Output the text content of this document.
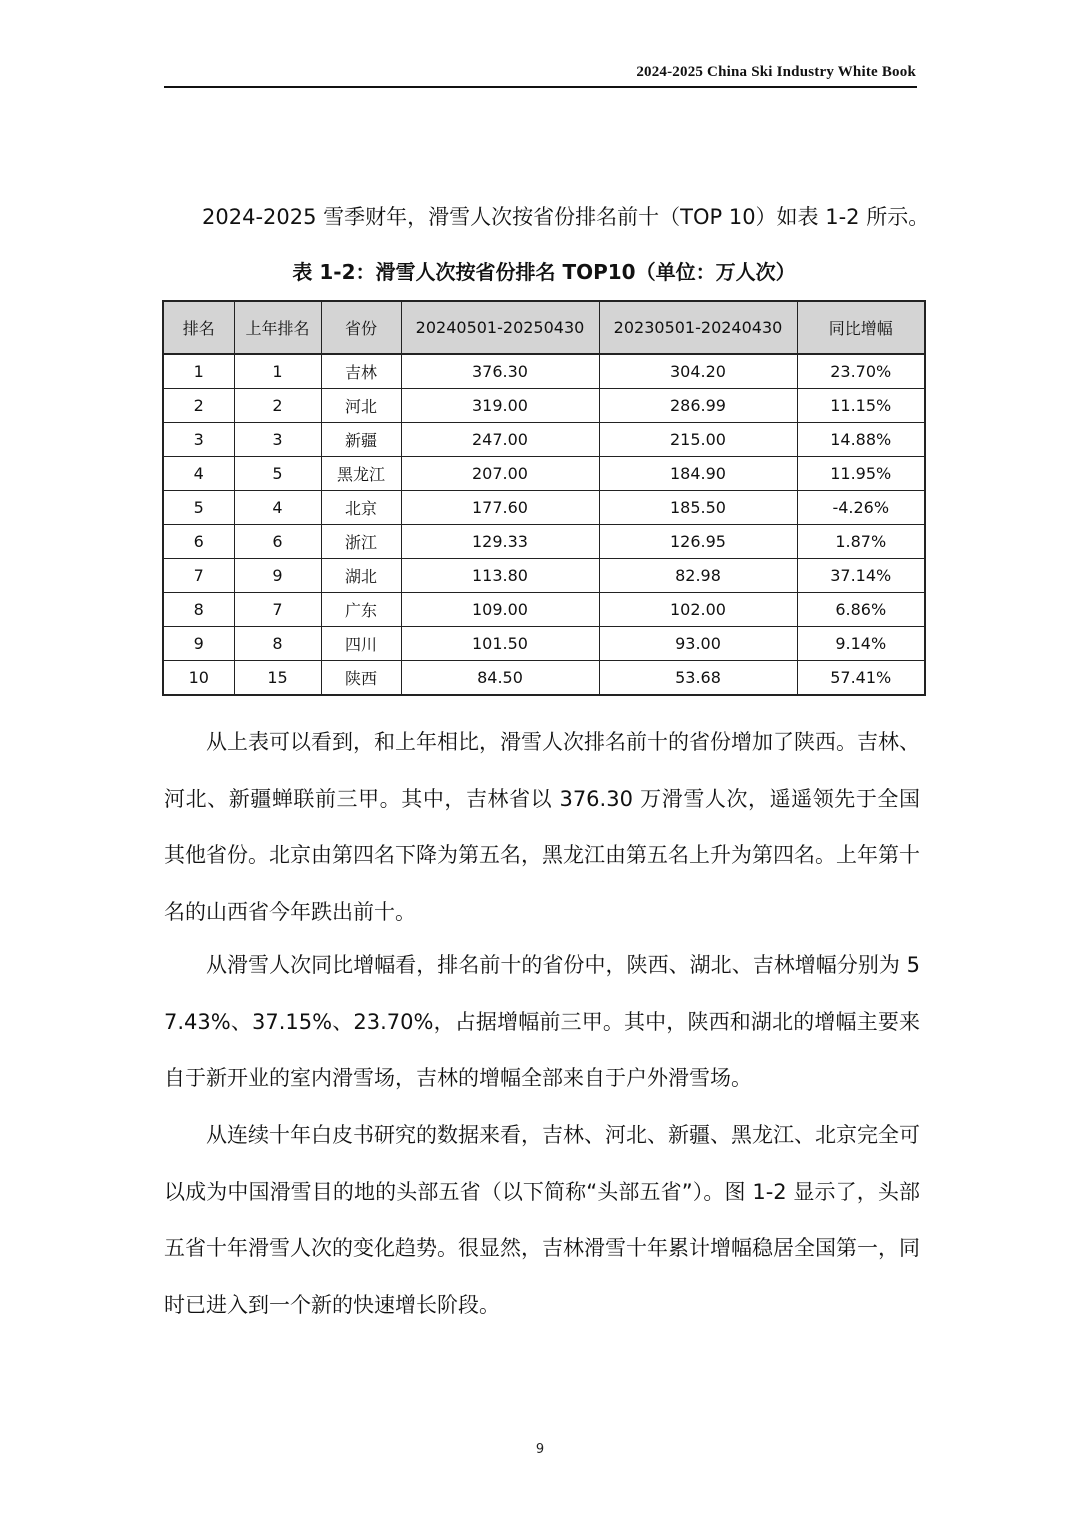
2024-2025 China Ski Industry White Book

2024-2025 雪季财年，滑雪人次按省份排名前十（TOP 10）如表 1-2 所示。

表 1-2：滑雪人次按省份排名 TOP10（单位：万人次）

排名	上年排名	省份	20240501-20250430	20230501-20240430	同比增幅
1	1	吉林	376.30	304.20	23.70%
2	2	河北	319.00	286.99	11.15%
3	3	新疆	247.00	215.00	14.88%
4	5	黑龙江	207.00	184.90	11.95%
5	4	北京	177.60	185.50	-4.26%
6	6	浙江	129.33	126.95	1.87%
7	9	湖北	113.80	82.98	37.14%
8	7	广东	109.00	102.00	6.86%
9	8	四川	101.50	93.00	9.14%
10	15	陕西	84.50	53.68	57.41%

从上表可以看到，和上年相比，滑雪人次排名前十的省份增加了陕西。吉林、河北、新疆蝉联前三甲。其中，吉林省以 376.30 万滑雪人次，遥遥领先于全国其他省份。北京由第四名下降为第五名，黑龙江由第五名上升为第四名。上年第十名的山西省今年跌出前十。

从滑雪人次同比增幅看，排名前十的省份中，陕西、湖北、吉林增幅分别为 57.43%、37.15%、23.70%，占据增幅前三甲。其中，陕西和湖北的增幅主要来自于新开业的室内滑雪场，吉林的增幅全部来自于户外滑雪场。

从连续十年白皮书研究的数据来看，吉林、河北、新疆、黑龙江、北京完全可以成为中国滑雪目的地的头部五省（以下简称“头部五省”）。图 1-2 显示了，头部五省十年滑雪人次的变化趋势。很显然，吉林滑雪十年累计增幅稳居全国第一，同时已进入到一个新的快速增长阶段。

9
